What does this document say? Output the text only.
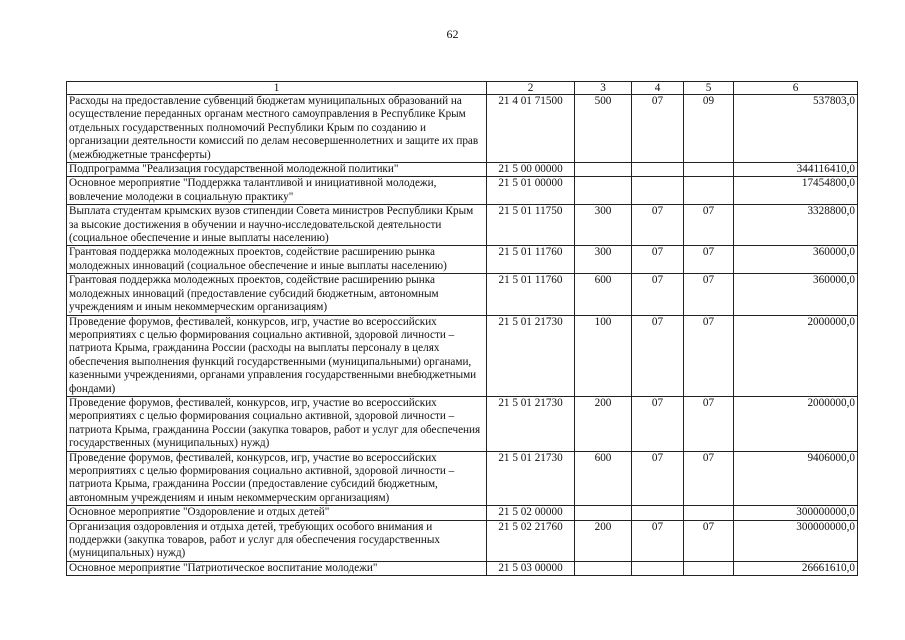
62
1	2	3	4	5	6
Расходы на предоставление субвенций бюджетам муниципальных образований на осуществление переданных органам местного самоуправления в Республике Крым отдельных государственных полномочий Республики Крым по созданию и организации деятельности комиссий по делам несовершеннолетних и защите их прав (межбюджетные трансферты)	21 4 01 71500	500	07	09	537803,0
Подпрограмма "Реализация государственной молодежной политики"	21 5 00 00000				344116410,0
Основное мероприятие "Поддержка талантливой и инициативной молодежи, вовлечение молодежи в социальную практику"	21 5 01 00000				17454800,0
Выплата студентам крымских вузов стипендии Совета министров Республики Крым за высокие достижения в обучении и научно-исследовательской деятельности (социальное обеспечение и иные выплаты населению)	21 5 01 11750	300	07	07	3328800,0
Грантовая поддержка молодежных проектов, содействие расширению рынка молодежных инноваций (социальное обеспечение и иные выплаты населению)	21 5 01 11760	300	07	07	360000,0
Грантовая поддержка молодежных проектов, содействие расширению рынка молодежных инноваций (предоставление субсидий бюджетным, автономным учреждениям и иным некоммерческим организациям)	21 5 01 11760	600	07	07	360000,0
Проведение форумов, фестивалей, конкурсов, игр, участие во всероссийских мероприятиях с целью формирования социально активной, здоровой личности – патриота Крыма, гражданина России (расходы на выплаты персоналу в целях обеспечения выполнения функций государственными (муниципальными) органами, казенными учреждениями, органами управления государственными внебюджетными фондами)	21 5 01 21730	100	07	07	2000000,0
Проведение форумов, фестивалей, конкурсов, игр, участие во всероссийских мероприятиях с целью формирования социально активной, здоровой личности – патриота Крыма, гражданина России (закупка товаров, работ и услуг для обеспечения государственных (муниципальных) нужд)	21 5 01 21730	200	07	07	2000000,0
Проведение форумов, фестивалей, конкурсов, игр, участие во всероссийских мероприятиях с целью формирования социально активной, здоровой личности – патриота Крыма, гражданина России (предоставление субсидий бюджетным, автономным учреждениям и иным некоммерческим организациям)	21 5 01 21730	600	07	07	9406000,0
Основное мероприятие "Оздоровление и отдых детей"	21 5 02 00000				300000000,0
Организация оздоровления и отдыха детей, требующих особого внимания и поддержки (закупка товаров, работ и услуг для обеспечения государственных (муниципальных) нужд)	21 5 02 21760	200	07	07	300000000,0
Основное мероприятие "Патриотическое воспитание молодежи"	21 5 03 00000				26661610,0
